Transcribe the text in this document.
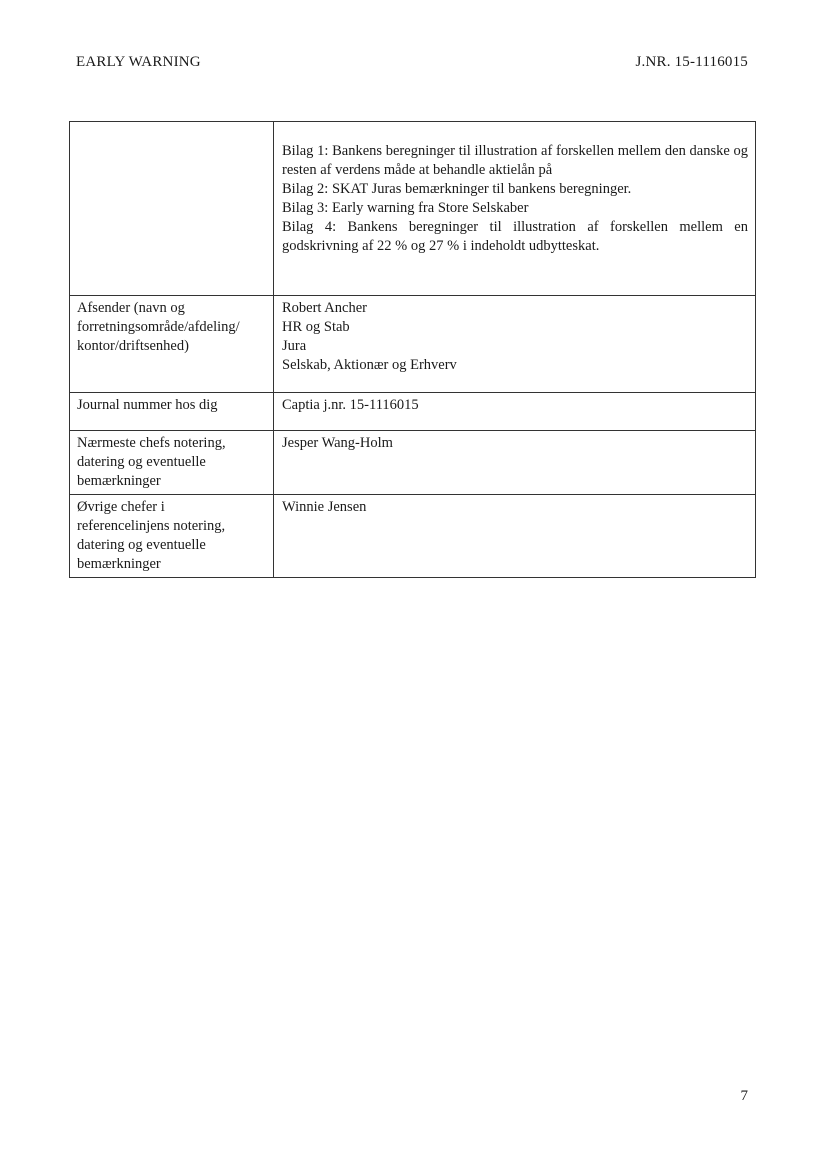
EARLY WARNING	J.NR. 15-1116015

	Bilag 1: Bankens beregninger til illustration af forskellen mellem den danske og resten af verdens måde at behandle aktielån på
Bilag 2: SKAT Juras bemærkninger til bankens beregninger.
Bilag 3: Early warning fra Store Selskaber
Bilag 4: Bankens beregninger til illustration af forskellen mellem en godskrivning af 22 % og 27 % i indeholdt udbytteskat.

Afsender (navn og
forretningsområde/afdeling/
kontor/driftsenhed)	Robert Ancher
HR og Stab
Jura
Selskab, Aktionær og Erhverv

Journal nummer hos dig	Captia j.nr. 15-1116015

Nærmeste chefs notering,
datering og eventuelle
bemærkninger	Jesper Wang-Holm

Øvrige chefer i
referencelinjens notering,
datering og eventuelle
bemærkninger	Winnie Jensen
7
